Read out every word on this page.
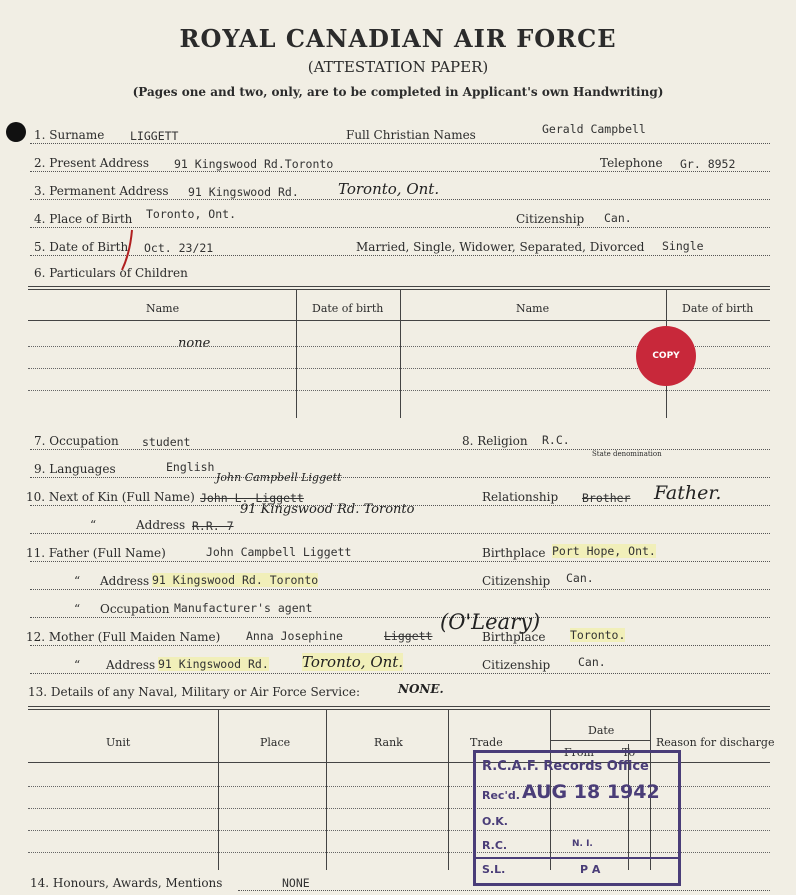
ROYAL CANADIAN AIR FORCE
(ATTESTATION PAPER)
(Pages one and two, only, are to be completed in Applicant's own Handwriting)
1. Surname LIGGETT	Full Christian Names	Gerald Campbell
2. Present Address 91 Kingswood Rd.Toronto	Telephone Gr. 8952
3. Permanent Address 91 Kingswood Rd.	Toronto, Ont.
4. Place of Birth Toronto, Ont.	Citizenship Can.
5. Date of Birth Oct. 23/21	Married, Single, Widower, Separated, Divorced Single
6. Particulars of Children
Name	Date of birth	Name	Date of birth
none
COPY
7. Occupation student	8. Religion R.C.
State denomination
9. Languages	English
10. Next of Kin (Full Name) John L. Liggett
John Campbell Liggett
Relationship Brother Father.
“	Address R.R. 7
91 Kingswood Rd. Toronto
11. Father (Full Name)	John Campbell Liggett	Birthplace Port Hope, Ont.
“ Address 91 Kingswood Rd. Toronto	Citizenship Can.
“ Occupation Manufacturer's agent
12. Mother (Full Maiden Name) Anna Josephine	Liggett
(O'Leary)
Birthplace Toronto.
“ Address 91 Kingswood Rd. Toronto, Ont.	Citizenship Can.
13. Details of any Naval, Military or Air Force Service:	NONE.
Unit	Place	Rank	Trade
Date
From	To
Reason for discharge
R.C.A.F. Records Office
Rec'd. AUG 18 1942
O.K.
R.C.	N. I.
S.L.	P A
14. Honours, Awards, Mentions	NONE
